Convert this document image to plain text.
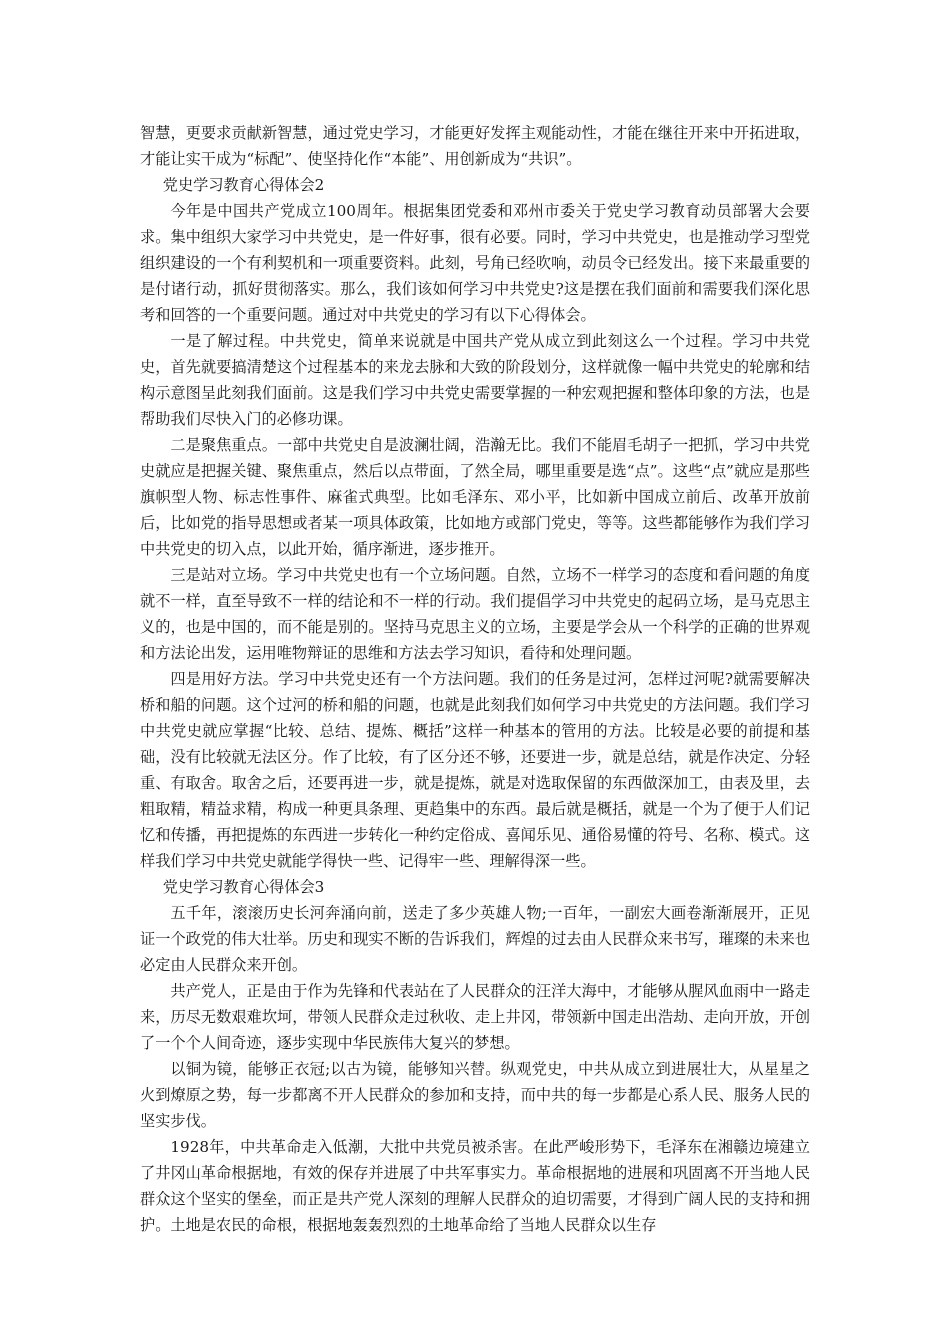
智慧，更要求贡献新智慧，通过党史学习，才能更好发挥主观能动性，才能在继往开来中开拓进取，才能让实干成为“标配”、使坚持化作“本能”、用创新成为“共识”。

党史学习教育心得体会2

今年是中国共产党成立100周年。根据集团党委和邓州市委关于党史学习教育动员部署大会要求。集中组织大家学习中共党史，是一件好事，很有必要。同时，学习中共党史，也是推动学习型党组织建设的一个有利契机和一项重要资料。此刻，号角已经吹响，动员令已经发出。接下来最重要的是付诸行动，抓好贯彻落实。那么，我们该如何学习中共党史?这是摆在我们面前和需要我们深化思考和回答的一个重要问题。通过对中共党史的学习有以下心得体会。

一是了解过程。中共党史，简单来说就是中国共产党从成立到此刻这么一个过程。学习中共党史，首先就要搞清楚这个过程基本的来龙去脉和大致的阶段划分，这样就像一幅中共党史的轮廓和结构示意图呈此刻我们面前。这是我们学习中共党史需要掌握的一种宏观把握和整体印象的方法，也是帮助我们尽快入门的必修功课。

二是聚焦重点。一部中共党史自是波澜壮阔，浩瀚无比。我们不能眉毛胡子一把抓，学习中共党史就应是把握关键、聚焦重点，然后以点带面，了然全局，哪里重要是选“点”。这些“点”就应是那些旗帜型人物、标志性事件、麻雀式典型。比如毛泽东、邓小平，比如新中国成立前后、改革开放前后，比如党的指导思想或者某一项具体政策，比如地方或部门党史，等等。这些都能够作为我们学习中共党史的切入点，以此开始，循序渐进，逐步推开。

三是站对立场。学习中共党史也有一个立场问题。自然，立场不一样学习的态度和看问题的角度就不一样，直至导致不一样的结论和不一样的行动。我们提倡学习中共党史的起码立场，是马克思主义的，也是中国的，而不能是别的。坚持马克思主义的立场，主要是学会从一个科学的正确的世界观和方法论出发，运用唯物辩证的思维和方法去学习知识，看待和处理问题。

四是用好方法。学习中共党史还有一个方法问题。我们的任务是过河，怎样过河呢?就需要解决桥和船的问题。这个过河的桥和船的问题，也就是此刻我们如何学习中共党史的方法问题。我们学习中共党史就应掌握“比较、总结、提炼、概括”这样一种基本的管用的方法。比较是必要的前提和基础，没有比较就无法区分。作了比较，有了区分还不够，还要进一步，就是总结，就是作决定、分轻重、有取舍。取舍之后，还要再进一步，就是提炼，就是对选取保留的东西做深加工，由表及里，去粗取精，精益求精，构成一种更具条理、更趋集中的东西。最后就是概括，就是一个为了便于人们记忆和传播，再把提炼的东西进一步转化一种约定俗成、喜闻乐见、通俗易懂的符号、名称、模式。这样我们学习中共党史就能学得快一些、记得牢一些、理解得深一些。

党史学习教育心得体会3

五千年，滚滚历史长河奔涌向前，送走了多少英雄人物;一百年，一副宏大画卷渐渐展开，正见证一个政党的伟大壮举。历史和现实不断的告诉我们，辉煌的过去由人民群众来书写，璀璨的未来也必定由人民群众来开创。

共产党人，正是由于作为先锋和代表站在了人民群众的汪洋大海中，才能够从腥风血雨中一路走来，历尽无数艰难坎坷，带领人民群众走过秋收、走上井冈，带领新中国走出浩劫、走向开放，开创了一个个人间奇迹，逐步实现中华民族伟大复兴的梦想。

以铜为镜，能够正衣冠;以古为镜，能够知兴替。纵观党史，中共从成立到进展壮大，从星星之火到燎原之势，每一步都离不开人民群众的参加和支持，而中共的每一步都是心系人民、服务人民的坚实步伐。

1928年，中共革命走入低潮，大批中共党员被杀害。在此严峻形势下，毛泽东在湘赣边境建立了井冈山革命根据地，有效的保存并进展了中共军事实力。革命根据地的进展和巩固离不开当地人民群众这个坚实的堡垒，而正是共产党人深刻的理解人民群众的迫切需要，才得到广阔人民的支持和拥护。土地是农民的命根，根据地轰轰烈烈的土地革命给了当地人民群众以生存
